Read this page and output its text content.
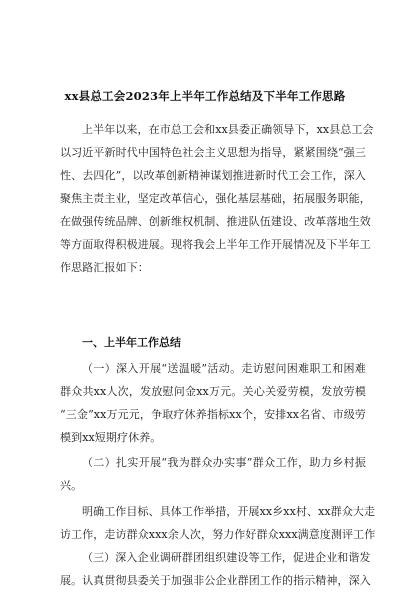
xx县总工会2023年上半年工作总结及下半年工作思路
上半年以来，在市总工会和xx县委正确领导下，xx县总工会
以习近平新时代中国特色社会主义思想为指导，紧紧围绕“强三
性、去四化”，以改革创新精神谋划推进新时代工会工作，深入
聚焦主责主业，坚定改革信心，强化基层基础，拓展服务职能，
在做强传统品牌、创新维权机制、推进队伍建设、改革落地生效
等方面取得积极进展。现将我会上半年工作开展情况及下半年工
作思路汇报如下：
一、上半年工作总结
（一）深入开展“送温暖”活动。走访慰问困难职工和困难
群众共xx人次，发放慰问金xx万元。关心关爱劳模，发放劳模
“三金”xx万元元，争取疗休养指标xx个，安排xx名省、市级劳
模到xx短期疗休养。
（二）扎实开展“我为群众办实事”群众工作，助力乡村振
兴。
明确工作目标、具体工作举措，开展xx乡xx村、xx群众大走
访工作，走访群众xxx余人次，努力作好群众xxx满意度测评工作
（三）深入企业调研群团组织建设等工作，促进企业和谐发
展。认真贯彻县委关于加强非公企业群团工作的指示精神，深入
